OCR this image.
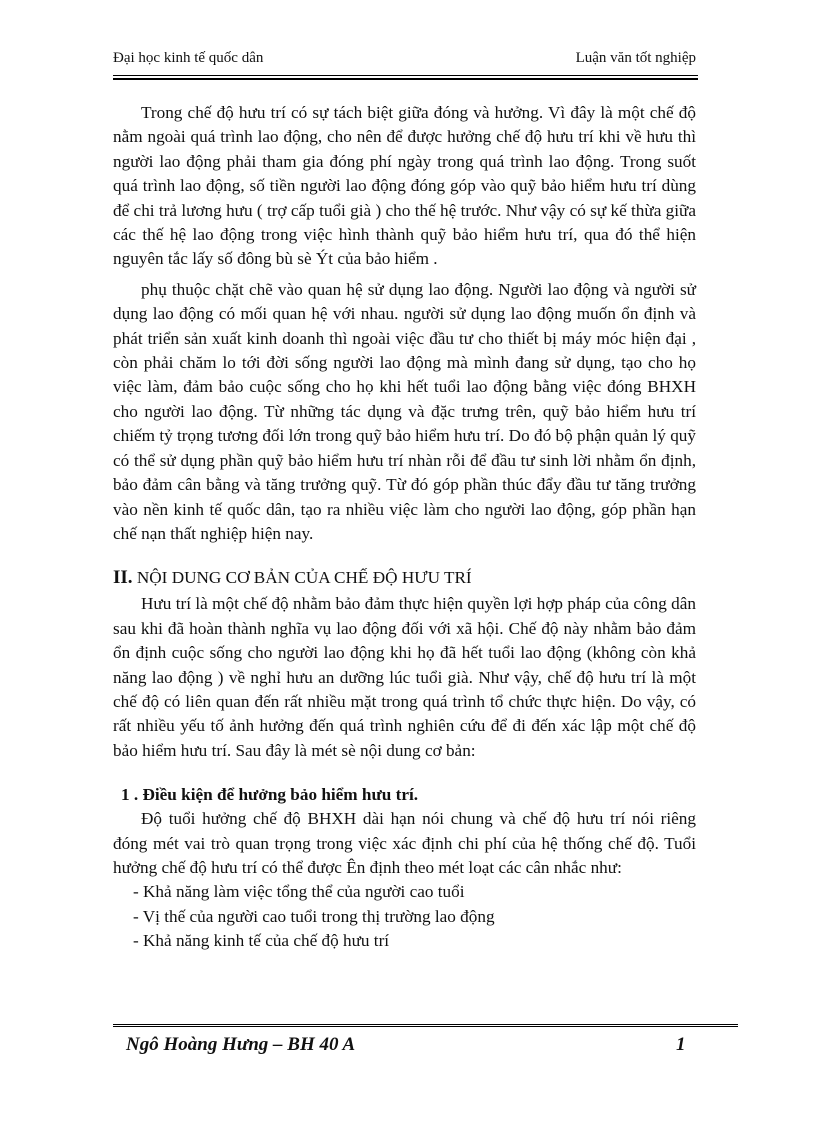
Đại học kinh tế quốc dân	Luận văn tốt nghiệp

Trong chế độ hưu trí có sự tách biệt giữa đóng và hưởng. Vì đây là một chế độ nằm ngoài quá trình lao động, cho nên để được hưởng chế độ hưu trí khi về hưu thì người lao động phải tham gia đóng phí ngày trong quá trình lao động. Trong suốt quá trình lao động, số tiền người lao động đóng góp vào quỹ bảo hiểm hưu trí dùng để chi trả lương hưu ( trợ cấp tuổi già ) cho thế hệ trước. Như vậy có sự kế thừa giữa các thế hệ lao động trong việc hình thành quỹ bảo hiểm hưu trí, qua đó thể hiện nguyên tắc lấy số đông bù sè Ýt của bảo hiểm .

phụ thuộc chặt chẽ vào quan hệ sử dụng lao động. Người lao động và người sử dụng lao động có mối quan hệ với nhau. người sử dụng lao động muốn ổn định và phát triển sản xuất kinh doanh thì ngoài việc đầu tư cho thiết bị máy móc hiện đại , còn phải chăm lo tới đời sống người lao động mà mình đang sử dụng, tạo cho họ việc làm, đảm bảo cuộc sống cho họ khi hết tuổi lao động bằng việc đóng BHXH cho người lao động. Từ những tác dụng và đặc trưng trên, quỹ bảo hiểm hưu trí chiếm tỷ trọng tương đối lớn trong quỹ bảo hiểm hưu trí. Do đó bộ phận quản lý quỹ có thể sử dụng phần quỹ bảo hiểm hưu trí nhàn rỗi để đầu tư sinh lời nhằm ổn định, bảo đảm cân bằng và tăng trưởng quỹ. Từ đó góp phần thúc đẩy đầu tư tăng trưởng vào nền kinh tế quốc dân, tạo ra nhiều việc làm cho người lao động, góp phần hạn chế nạn thất nghiệp hiện nay.

II. NỘI DUNG CƠ BẢN CỦA CHẾ ĐỘ HƯU TRÍ

Hưu trí là một chế độ nhằm bảo đảm thực hiện quyền lợi hợp pháp của công dân sau khi đã hoàn thành nghĩa vụ lao động đối với xã hội. Chế độ này nhằm bảo đảm ổn định cuộc sống cho người lao động khi họ đã hết tuổi lao động (không còn khả năng lao động ) về nghỉ hưu an dưỡng lúc tuổi già. Như vậy, chế độ hưu trí là một chế độ có liên quan đến rất nhiều mặt trong quá trình tổ chức thực hiện. Do vậy, có rất nhiều yếu tố ảnh hưởng đến quá trình nghiên cứu để đi đến xác lập một chế độ bảo hiểm hưu trí. Sau đây là mét sè nội dung cơ bản:

1 . Điều kiện để hưởng bảo hiểm hưu trí.

Độ tuổi hưởng chế độ BHXH dài hạn nói chung và chế độ hưu trí nói riêng đóng mét vai trò quan trọng trong việc xác định chi phí của hệ thống chế độ. Tuổi hưởng chế độ hưu trí có thể được Ên định theo mét loạt các cân nhắc như:

- Khả năng làm việc tổng thể của người cao tuổi
- Vị thế của người cao tuổi trong thị trường lao động
- Khả năng kinh tế của chế độ hưu trí
Ngô Hoàng Hưng – BH 40 A	1
